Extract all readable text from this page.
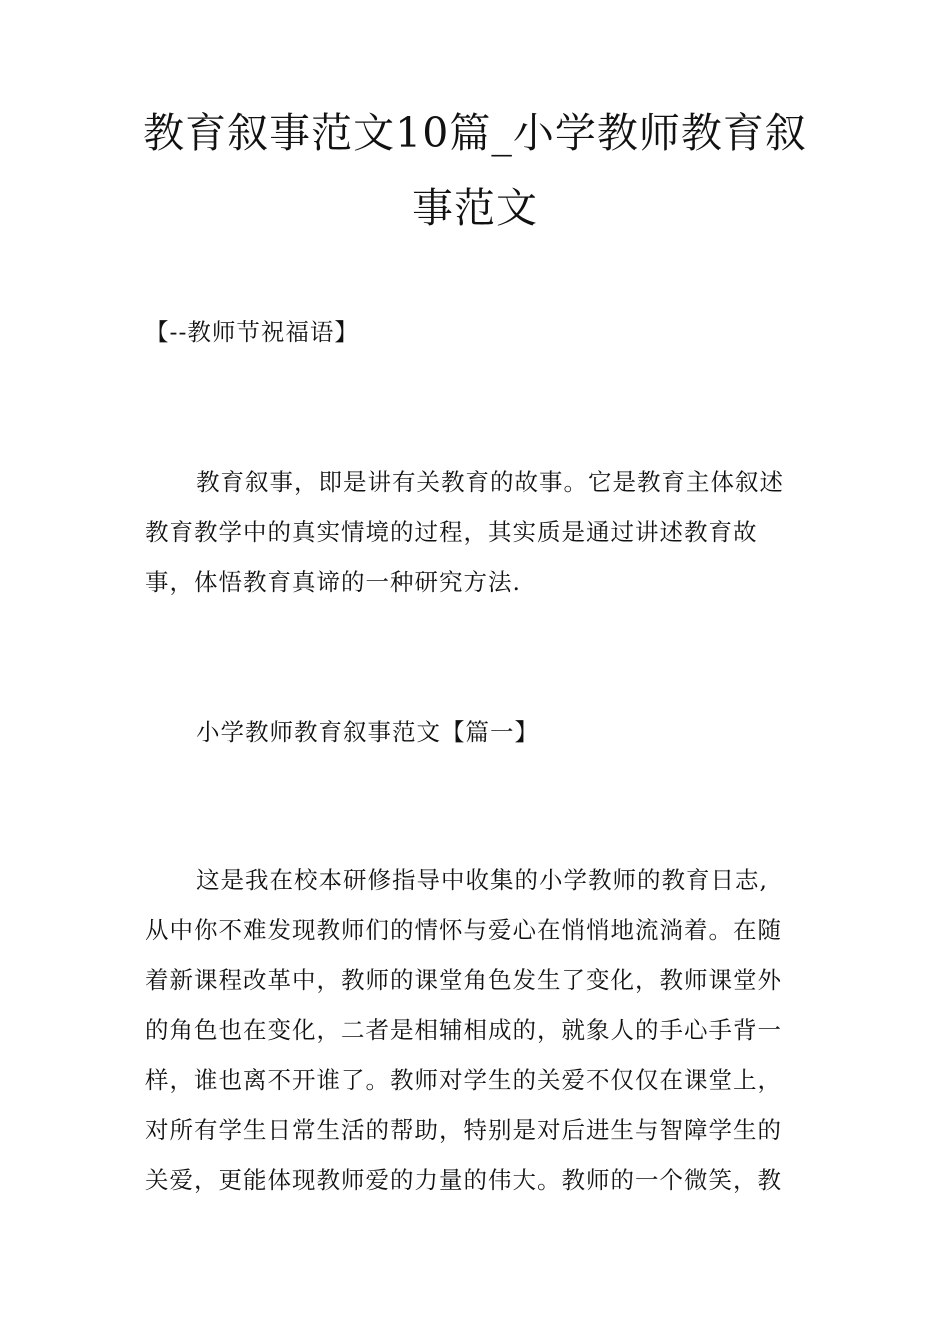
教育叙事范文10篇_小学教师教育叙
事范文
【--教师节祝福语】
教育叙事，即是讲有关教育的故事。它是教育主体叙述
教育教学中的真实情境的过程，其实质是通过讲述教育故
事，体悟教育真谛的一种研究方法.
小学教师教育叙事范文【篇一】
这是我在校本研修指导中收集的小学教师的教育日志,
从中你不难发现教师们的情怀与爱心在悄悄地流淌着。在随
着新课程改革中，教师的课堂角色发生了变化，教师课堂外
的角色也在变化，二者是相辅相成的，就象人的手心手背一
样，谁也离不开谁了。教师对学生的关爱不仅仅在课堂上，
对所有学生日常生活的帮助，特别是对后进生与智障学生的
关爱，更能体现教师爱的力量的伟大。教师的一个微笑，教
